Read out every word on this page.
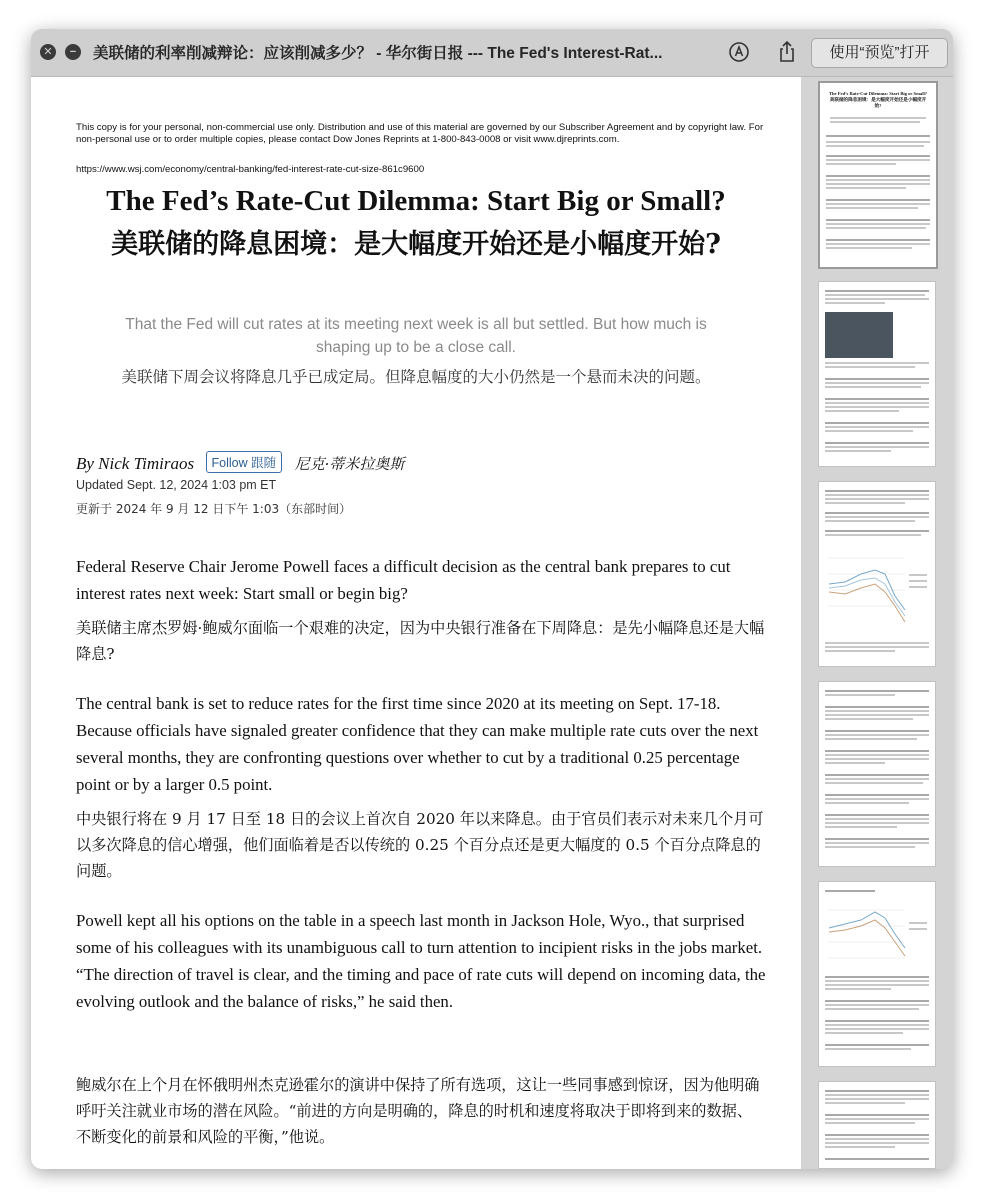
✕	−	美联储的利率削减辩论：应该削减多少？ - 华尔街日报 --- The Fed's Interest-Rat...	使用“预览”打开
This copy is for your personal, non-commercial use only. Distribution and use of this material are governed by our Subscriber Agreement and by copyright law. For non-personal use or to order multiple copies, please contact Dow Jones Reprints at 1-800-843-0008 or visit www.djreprints.com.
https://www.wsj.com/economy/central-banking/fed-interest-rate-cut-size-861c9600
The Fed’s Rate-Cut Dilemma: Start Big or Small?
美联储的降息困境：是大幅度开始还是小幅度开始?
That the Fed will cut rates at its meeting next week is all but settled. But how much is shaping up to be a close call.
美联储下周会议将降息几乎已成定局。但降息幅度的大小仍然是一个悬而未决的问题。
By Nick Timiraos Follow 跟随 尼克·蒂米拉奥斯
Updated Sept. 12, 2024 1:03 pm ET
更新于 2024 年 9 月 12 日下午 1:03（东部时间）
Federal Reserve Chair Jerome Powell faces a difficult decision as the central bank prepares to cut interest rates next week: Start small or begin big?
美联储主席杰罗姆·鲍威尔面临一个艰难的决定，因为中央银行准备在下周降息：是先小幅降息还是大幅降息?
The central bank is set to reduce rates for the first time since 2020 at its meeting on Sept. 17-18. Because officials have signaled greater confidence that they can make multiple rate cuts over the next several months, they are confronting questions over whether to cut by a traditional 0.25 percentage point or by a larger 0.5 point.
中央银行将在 9 月 17 日至 18 日的会议上首次自 2020 年以来降息。由于官员们表示对未来几个月可以多次降息的信心增强，他们面临着是否以传统的 0.25 个百分点还是更大幅度的 0.5 个百分点降息的问题。
Powell kept all his options on the table in a speech last month in Jackson Hole, Wyo., that surprised some of his colleagues with its unambiguous call to turn attention to incipient risks in the jobs market. “The direction of travel is clear, and the timing and pace of rate cuts will depend on incoming data, the evolving outlook and the balance of risks,” he said then.
鲍威尔在上个月在怀俄明州杰克逊霍尔的演讲中保持了所有选项，这让一些同事感到惊讶，因为他明确呼吁关注就业市场的潜在风险。“前进的方向是明确的，降息的时机和速度将取决于即将到来的数据、不断变化的前景和风险的平衡，”他说。
The Fed’s Rate-Cut Dilemma: Start Big or Small?
美联储的降息困境：是大幅度开始还是小幅度开始?
